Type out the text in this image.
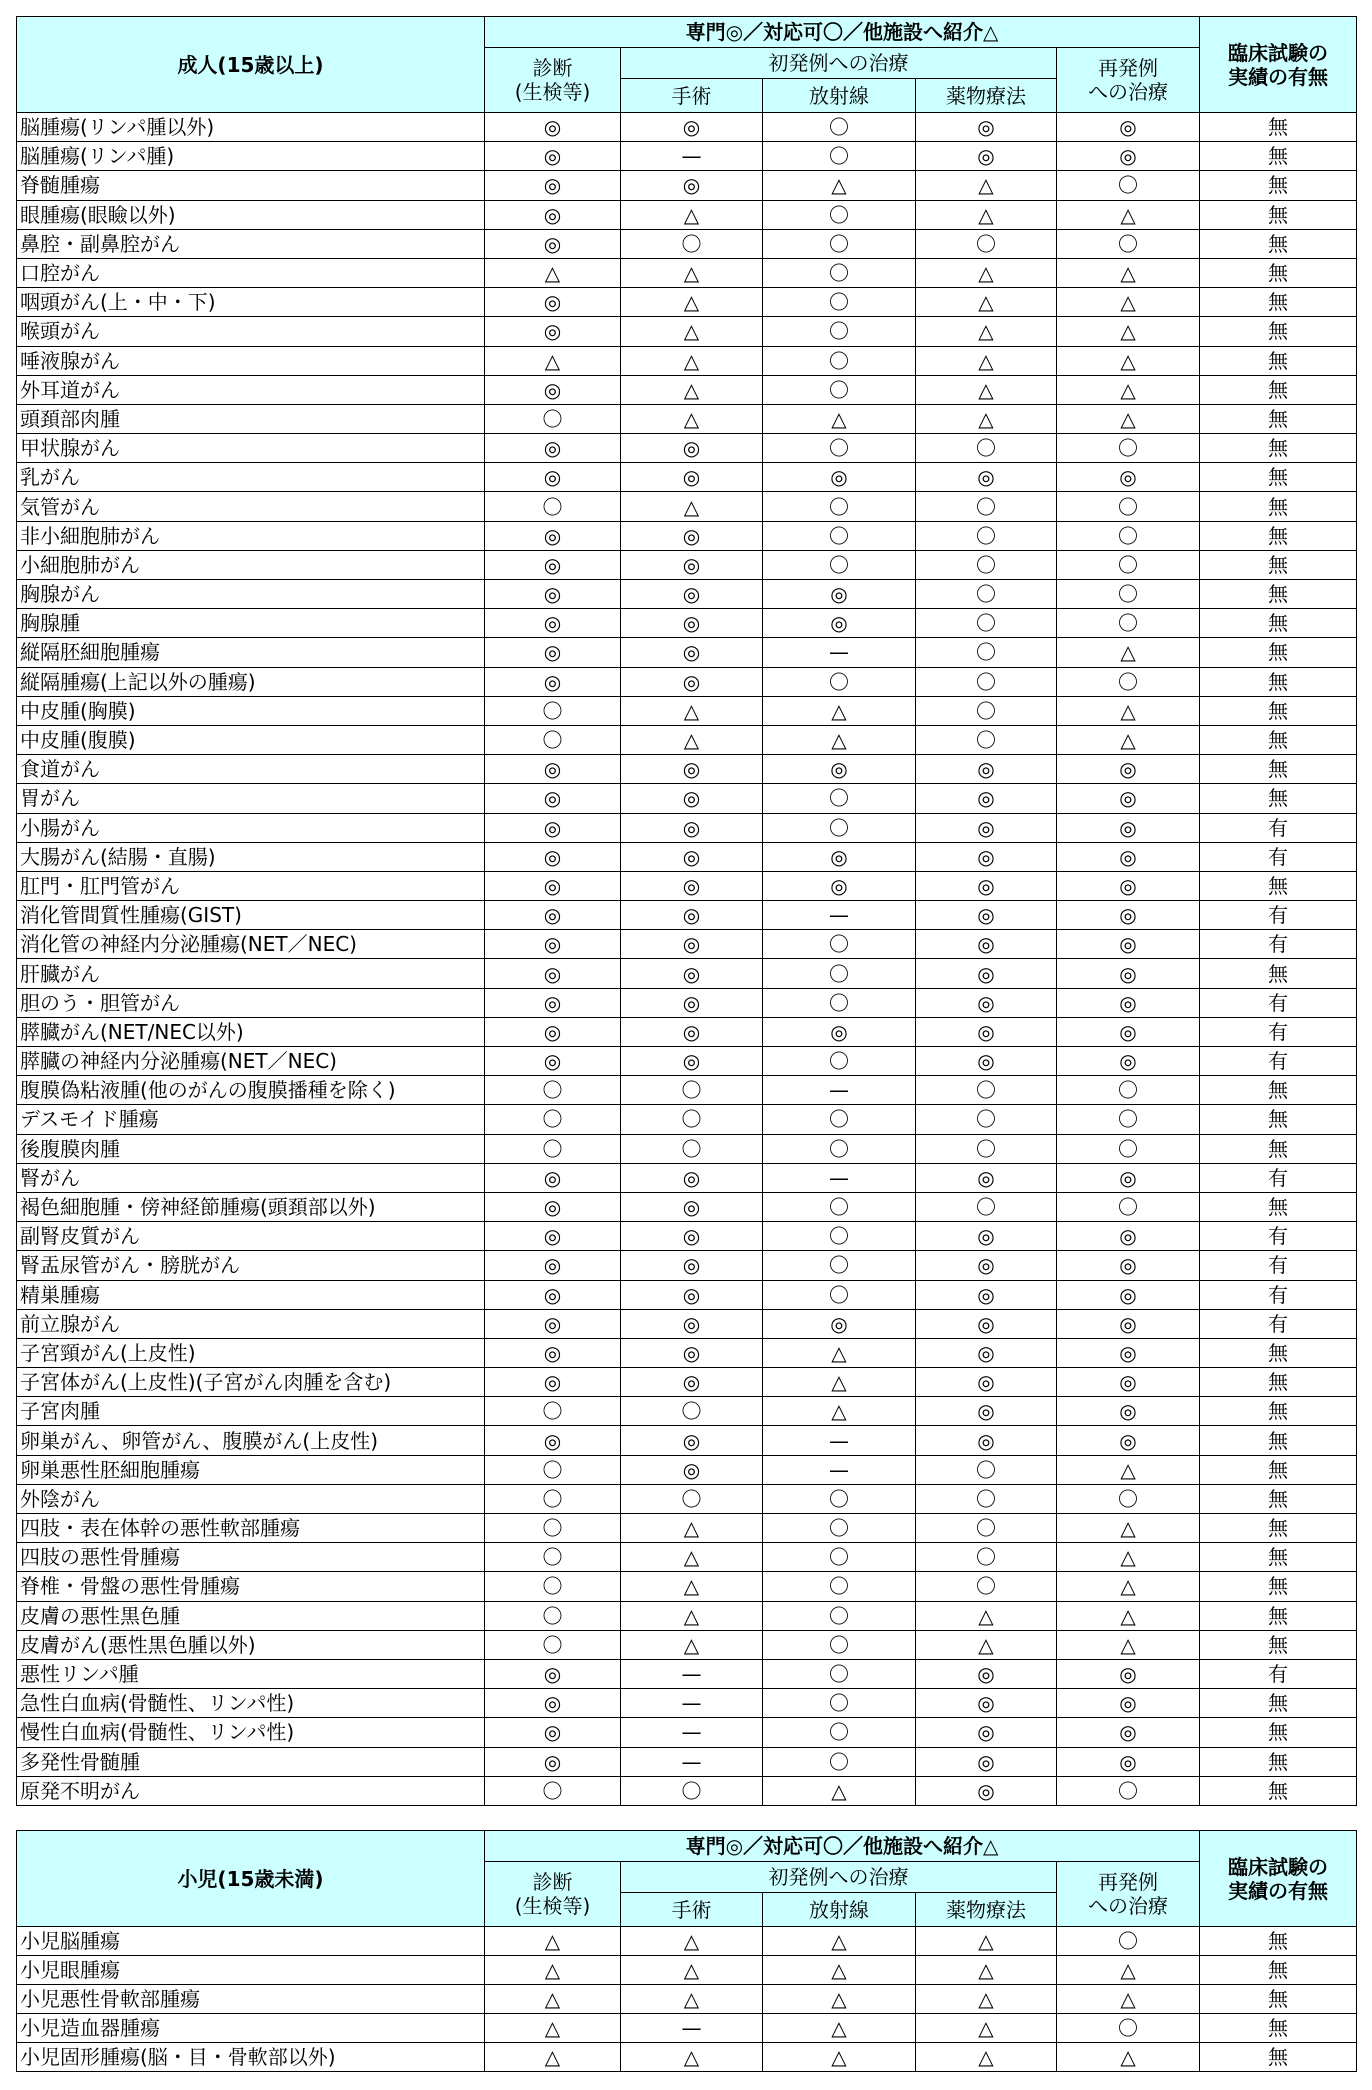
成人(15歳以上)	専門◎／対応可〇／他施設へ紹介△					臨床試験の
実績の有無
	診断
(生検等)	初発例への治療			再発例
への治療	
		手術	放射線	薬物療法		
脳腫瘍(リンパ腫以外)	◎	◎	〇	◎	◎	無
脳腫瘍(リンパ腫)	◎	—	〇	◎	◎	無
脊髄腫瘍	◎	◎	△	△	〇	無
眼腫瘍(眼瞼以外)	◎	△	〇	△	△	無
鼻腔・副鼻腔がん	◎	〇	〇	〇	〇	無
口腔がん	△	△	〇	△	△	無
咽頭がん(上・中・下)	◎	△	〇	△	△	無
喉頭がん	◎	△	〇	△	△	無
唾液腺がん	△	△	〇	△	△	無
外耳道がん	◎	△	〇	△	△	無
頭頚部肉腫	〇	△	△	△	△	無
甲状腺がん	◎	◎	〇	〇	〇	無
乳がん	◎	◎	◎	◎	◎	無
気管がん	〇	△	〇	〇	〇	無
非小細胞肺がん	◎	◎	〇	〇	〇	無
小細胞肺がん	◎	◎	〇	〇	〇	無
胸腺がん	◎	◎	◎	〇	〇	無
胸腺腫	◎	◎	◎	〇	〇	無
縦隔胚細胞腫瘍	◎	◎	—	〇	△	無
縦隔腫瘍(上記以外の腫瘍)	◎	◎	〇	〇	〇	無
中皮腫(胸膜)	〇	△	△	〇	△	無
中皮腫(腹膜)	〇	△	△	〇	△	無
食道がん	◎	◎	◎	◎	◎	無
胃がん	◎	◎	〇	◎	◎	無
小腸がん	◎	◎	〇	◎	◎	有
大腸がん(結腸・直腸)	◎	◎	◎	◎	◎	有
肛門・肛門管がん	◎	◎	◎	◎	◎	無
消化管間質性腫瘍(GIST)	◎	◎	—	◎	◎	有
消化管の神経内分泌腫瘍(NET／NEC)	◎	◎	〇	◎	◎	有
肝臓がん	◎	◎	〇	◎	◎	無
胆のう・胆管がん	◎	◎	〇	◎	◎	有
膵臓がん(NET/NEC以外)	◎	◎	◎	◎	◎	有
膵臓の神経内分泌腫瘍(NET／NEC)	◎	◎	〇	◎	◎	有
腹膜偽粘液腫(他のがんの腹膜播種を除く)	〇	〇	—	〇	〇	無
デスモイド腫瘍	〇	〇	〇	〇	〇	無
後腹膜肉腫	〇	〇	〇	〇	〇	無
腎がん	◎	◎	—	◎	◎	有
褐色細胞腫・傍神経節腫瘍(頭頚部以外)	◎	◎	〇	〇	〇	無
副腎皮質がん	◎	◎	〇	◎	◎	有
腎盂尿管がん・膀胱がん	◎	◎	〇	◎	◎	有
精巣腫瘍	◎	◎	〇	◎	◎	有
前立腺がん	◎	◎	◎	◎	◎	有
子宮頸がん(上皮性)	◎	◎	△	◎	◎	無
子宮体がん(上皮性)(子宮がん肉腫を含む)	◎	◎	△	◎	◎	無
子宮肉腫	〇	〇	△	◎	◎	無
卵巣がん、卵管がん、腹膜がん(上皮性)	◎	◎	—	◎	◎	無
卵巣悪性胚細胞腫瘍	〇	◎	—	〇	△	無
外陰がん	〇	〇	〇	〇	〇	無
四肢・表在体幹の悪性軟部腫瘍	〇	△	〇	〇	△	無
四肢の悪性骨腫瘍	〇	△	〇	〇	△	無
脊椎・骨盤の悪性骨腫瘍	〇	△	〇	〇	△	無
皮膚の悪性黒色腫	〇	△	〇	△	△	無
皮膚がん(悪性黒色腫以外)	〇	△	〇	△	△	無
悪性リンパ腫	◎	—	〇	◎	◎	有
急性白血病(骨髄性、リンパ性)	◎	—	〇	◎	◎	無
慢性白血病(骨髄性、リンパ性)	◎	—	〇	◎	◎	無
多発性骨髄腫	◎	—	〇	◎	◎	無
原発不明がん	〇	〇	△	◎	〇	無
小児(15歳未満)	専門◎／対応可〇／他施設へ紹介△					臨床試験の
実績の有無
	診断
(生検等)	初発例への治療			再発例
への治療	
		手術	放射線	薬物療法		
小児脳腫瘍	△	△	△	△	〇	無
小児眼腫瘍	△	△	△	△	△	無
小児悪性骨軟部腫瘍	△	△	△	△	△	無
小児造血器腫瘍	△	—	△	△	〇	無
小児固形腫瘍(脳・目・骨軟部以外)	△	△	△	△	△	無
